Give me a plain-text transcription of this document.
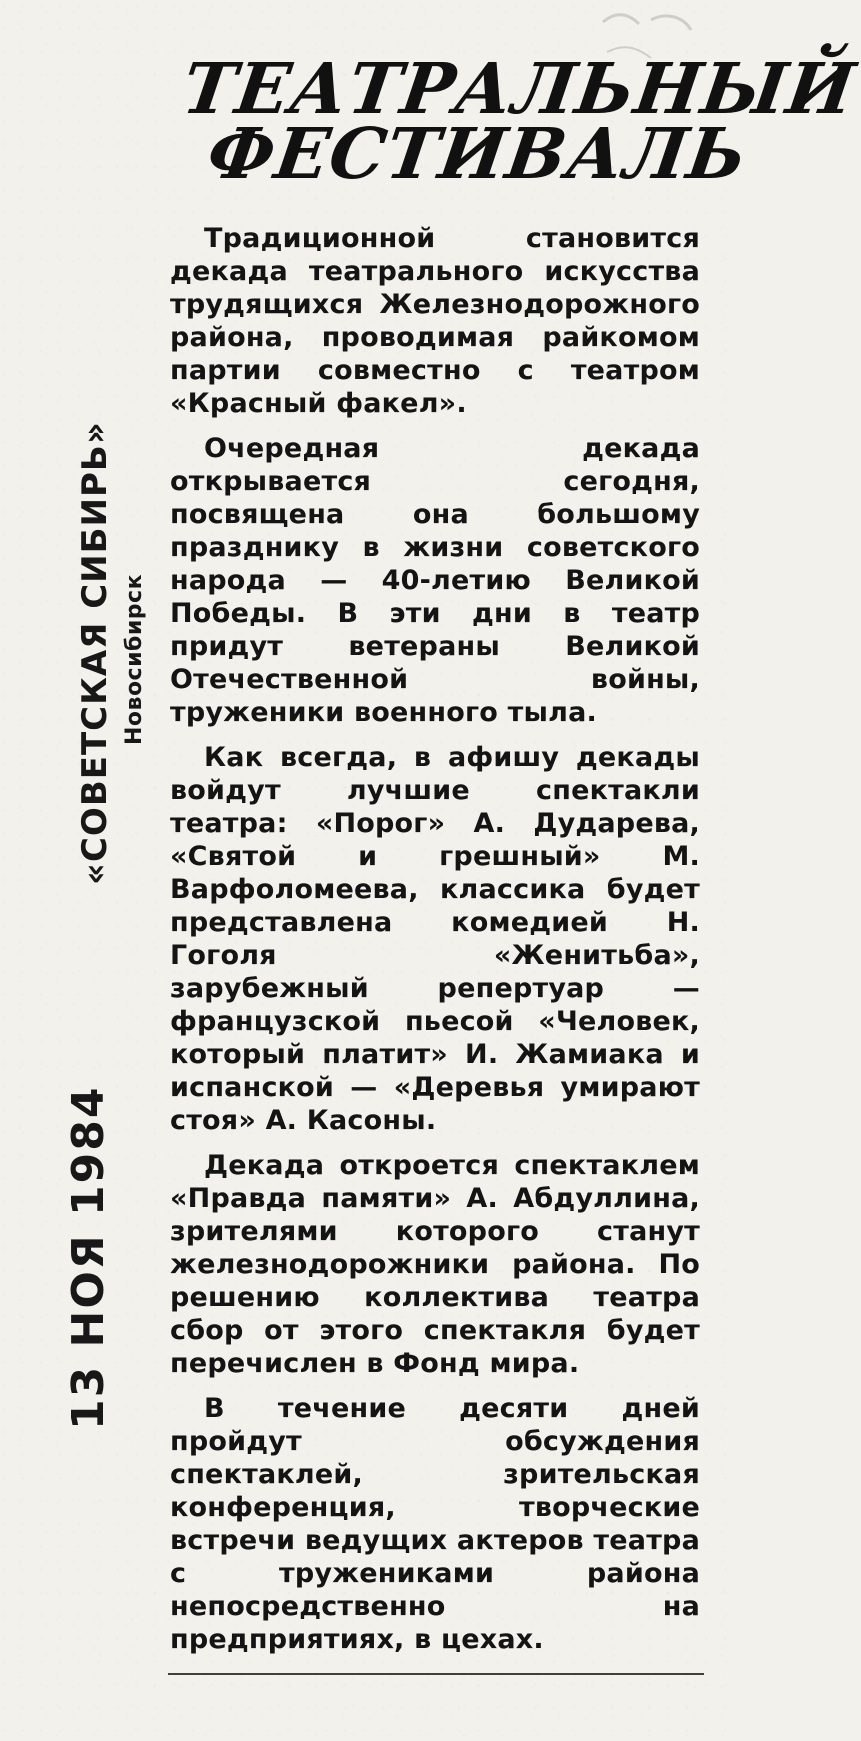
«СОВЕТСКАЯ СИБИРЬ» Новосибирск
13 НОЯ 1984
ТЕАТРАЛЬНЫЙ
ФЕСТИВАЛЬ

Традиционной становится декада театрального искусства трудящихся Железнодорожного района, проводимая райкомом партии совместно с театром «Красный факел».

Очередная декада открывается сегодня, посвящена она большому празднику в жизни советского народа — 40-летию Великой Победы. В эти дни в театр придут ветераны Великой Отечественной войны, труженики военного тыла.

Как всегда, в афишу декады войдут лучшие спектакли театра: «Порог» А. Дударева, «Святой и грешный» М. Варфоломеева, классика будет представлена комедией Н. Гоголя «Женитьба», зарубежный репертуар — французской пьесой «Человек, который платит» И. Жамиака и испанской — «Деревья умирают стоя» А. Касоны.

Декада откроется спектаклем «Правда памяти» А. Абдуллина, зрителями которого станут железнодорожники района. По решению коллектива театра сбор от этого спектакля будет перечислен в Фонд мира.

В течение десяти дней пройдут обсуждения спектаклей, зрительская конференция, творческие встречи ведущих актеров театра с тружениками района непосредственно на предприятиях, в цехах.
